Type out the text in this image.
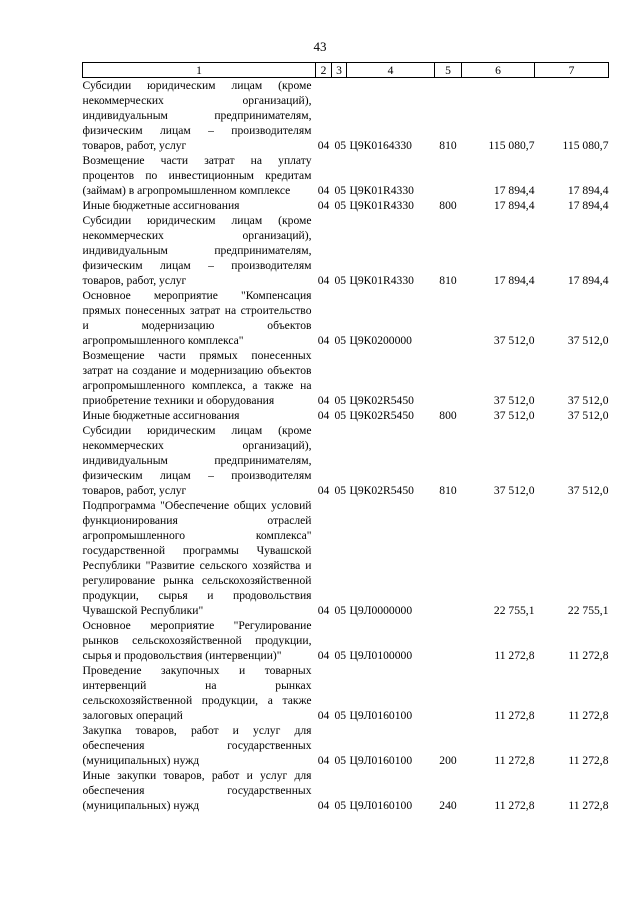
43
1	2	3	4	5	6	7
Субсидии юридическим лицам (кроме некоммерческих организаций), индивидуальным предпринимателям, физическим лицам – производителям товаров, работ, услуг	04	05	Ц9К0164330	810	115 080,7	115 080,7
Возмещение части затрат на уплату процентов по инвестиционным кредитам (займам) в агропромышленном комплексе	04	05	Ц9К01R4330		17 894,4	17 894,4
Иные бюджетные ассигнования	04	05	Ц9К01R4330	800	17 894,4	17 894,4
Субсидии юридическим лицам (кроме некоммерческих организаций), индивидуальным предпринимателям, физическим лицам – производителям товаров, работ, услуг	04	05	Ц9К01R4330	810	17 894,4	17 894,4
Основное мероприятие "Компенсация прямых понесенных затрат на строительство и модернизацию объектов агропромышленного комплекса"	04	05	Ц9К0200000		37 512,0	37 512,0
Возмещение части прямых понесенных затрат на создание и модернизацию объектов агропромышленного комплекса, а также на приобретение техники и оборудования	04	05	Ц9К02R5450		37 512,0	37 512,0
Иные бюджетные ассигнования	04	05	Ц9К02R5450	800	37 512,0	37 512,0
Субсидии юридическим лицам (кроме некоммерческих организаций), индивидуальным предпринимателям, физическим лицам – производителям товаров, работ, услуг	04	05	Ц9К02R5450	810	37 512,0	37 512,0
Подпрограмма "Обеспечение общих условий функционирования отраслей агропромышленного комплекса" государственной программы Чувашской Республики "Развитие сельского хозяйства и регулирование рынка сельскохозяйственной продукции, сырья и продовольствия Чувашской Республики"	04	05	Ц9Л0000000		22 755,1	22 755,1
Основное мероприятие "Регулирование рынков сельскохозяйственной продукции, сырья и продовольствия (интервенции)"	04	05	Ц9Л0100000		11 272,8	11 272,8
Проведение закупочных и товарных интервенций на рынках сельскохозяйственной продукции, а также залоговых операций	04	05	Ц9Л0160100		11 272,8	11 272,8
Закупка товаров, работ и услуг для обеспечения государственных (муниципальных) нужд	04	05	Ц9Л0160100	200	11 272,8	11 272,8
Иные закупки товаров, работ и услуг для обеспечения государственных (муниципальных) нужд	04	05	Ц9Л0160100	240	11 272,8	11 272,8
